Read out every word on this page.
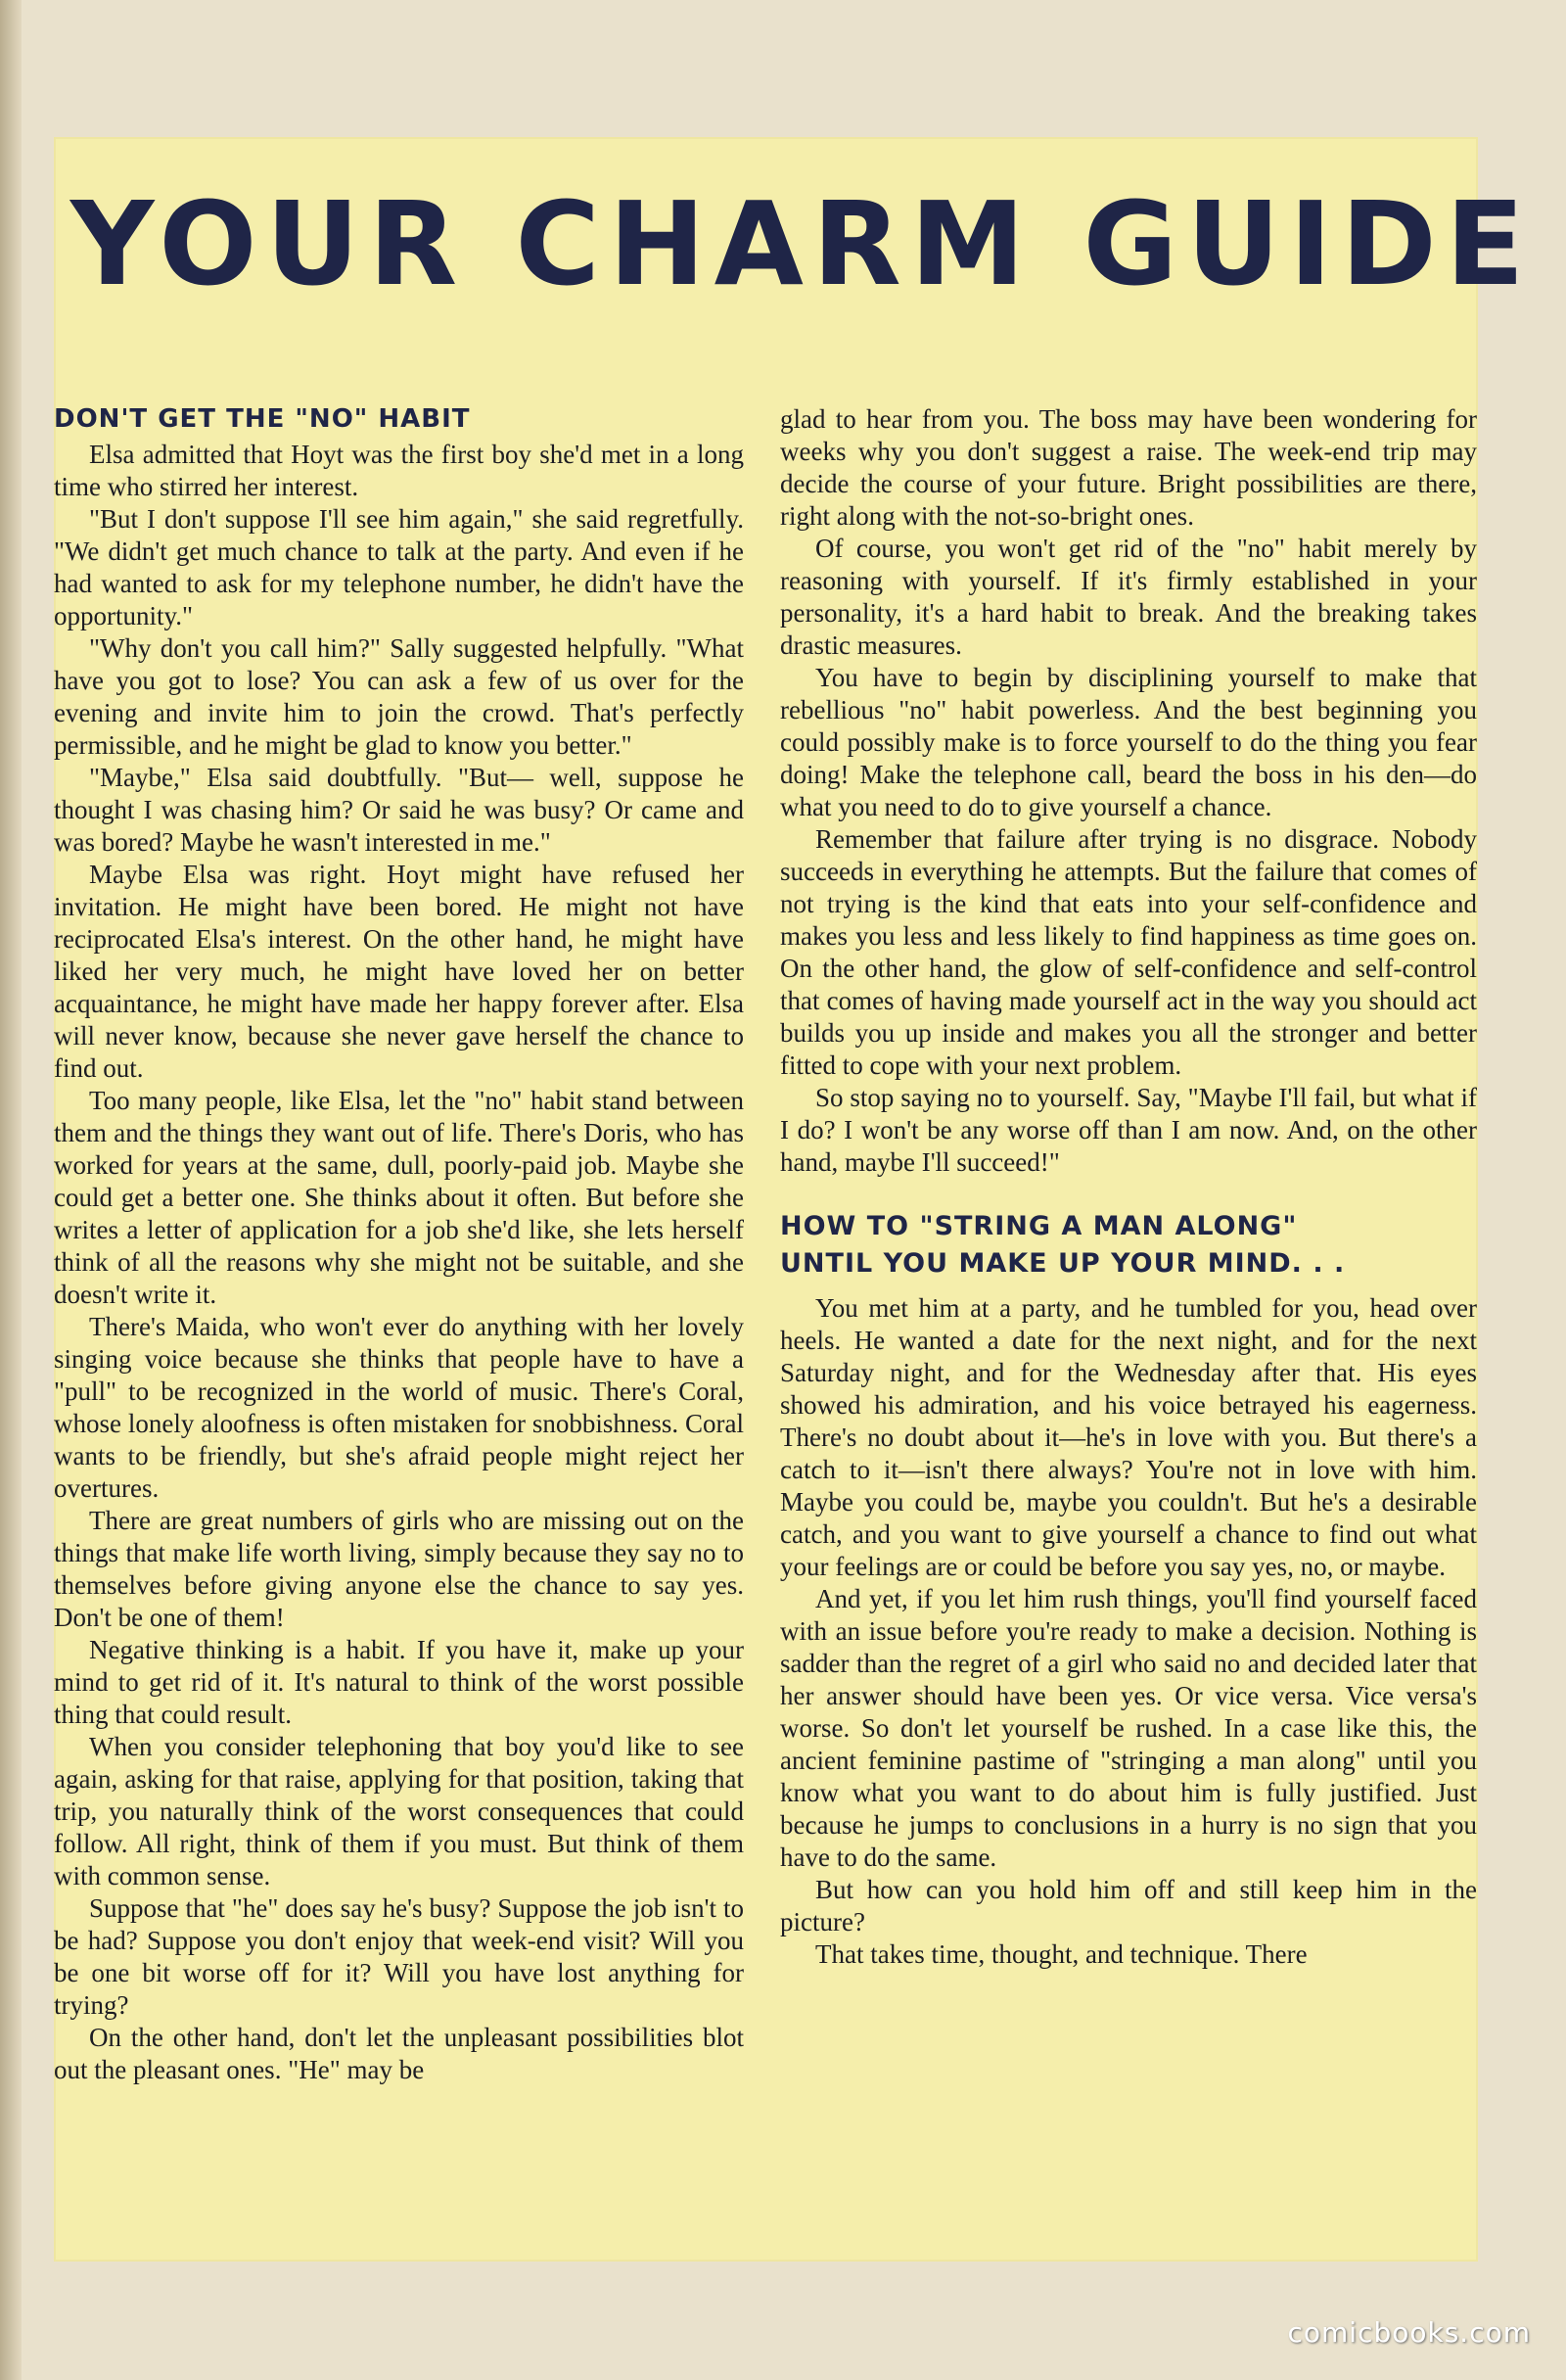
YOUR CHARM GUIDE
DON'T GET THE "NO" HABIT

Elsa admitted that Hoyt was the first boy she'd met in a long time who stirred her interest.

"But I don't suppose I'll see him again," she said regretfully. "We didn't get much chance to talk at the party. And even if he had wanted to ask for my telephone number, he didn't have the opportunity."

"Why don't you call him?" Sally suggested helpfully. "What have you got to lose? You can ask a few of us over for the evening and invite him to join the crowd. That's perfectly permissible, and he might be glad to know you better."

"Maybe," Elsa said doubtfully. "But— well, suppose he thought I was chasing him? Or said he was busy? Or came and was bored? Maybe he wasn't interested in me."

Maybe Elsa was right. Hoyt might have refused her invitation. He might have been bored. He might not have reciprocated Elsa's interest. On the other hand, he might have liked her very much, he might have loved her on better acquaintance, he might have made her happy forever after. Elsa will never know, because she never gave herself the chance to find out.

Too many people, like Elsa, let the "no" habit stand between them and the things they want out of life. There's Doris, who has worked for years at the same, dull, poorly-paid job. Maybe she could get a better one. She thinks about it often. But before she writes a letter of application for a job she'd like, she lets herself think of all the reasons why she might not be suitable, and she doesn't write it.

There's Maida, who won't ever do anything with her lovely singing voice because she thinks that people have to have a "pull" to be recognized in the world of music. There's Coral, whose lonely aloofness is often mistaken for snobbishness. Coral wants to be friendly, but she's afraid people might reject her overtures.

There are great numbers of girls who are missing out on the things that make life worth living, simply because they say no to themselves before giving anyone else the chance to say yes. Don't be one of them!

Negative thinking is a habit. If you have it, make up your mind to get rid of it. It's natural to think of the worst possible thing that could result.

When you consider telephoning that boy you'd like to see again, asking for that raise, applying for that position, taking that trip, you naturally think of the worst consequences that could follow. All right, think of them if you must. But think of them with common sense.

Suppose that "he" does say he's busy? Suppose the job isn't to be had? Suppose you don't enjoy that week-end visit? Will you be one bit worse off for it? Will you have lost anything for trying?

On the other hand, don't let the unpleasant possibilities blot out the pleasant ones. "He" may be

glad to hear from you. The boss may have been wondering for weeks why you don't suggest a raise. The week-end trip may decide the course of your future. Bright possibilities are there, right along with the not-so-bright ones.

Of course, you won't get rid of the "no" habit merely by reasoning with yourself. If it's firmly established in your personality, it's a hard habit to break. And the breaking takes drastic measures.

You have to begin by disciplining yourself to make that rebellious "no" habit powerless. And the best beginning you could possibly make is to force yourself to do the thing you fear doing! Make the telephone call, beard the boss in his den—do what you need to do to give yourself a chance.

Remember that failure after trying is no disgrace. Nobody succeeds in everything he attempts. But the failure that comes of not trying is the kind that eats into your self-confidence and makes you less and less likely to find happiness as time goes on. On the other hand, the glow of self-confidence and self-control that comes of having made yourself act in the way you should act builds you up inside and makes you all the stronger and better fitted to cope with your next problem.

So stop saying no to yourself. Say, "Maybe I'll fail, but what if I do? I won't be any worse off than I am now. And, on the other hand, maybe I'll succeed!"

HOW TO "STRING A MAN ALONG"
UNTIL YOU MAKE UP YOUR MIND. . .

You met him at a party, and he tumbled for you, head over heels. He wanted a date for the next night, and for the next Saturday night, and for the Wednesday after that. His eyes showed his admiration, and his voice betrayed his eagerness. There's no doubt about it—he's in love with you. But there's a catch to it—isn't there always? You're not in love with him. Maybe you could be, maybe you couldn't. But he's a desirable catch, and you want to give yourself a chance to find out what your feelings are or could be before you say yes, no, or maybe.

And yet, if you let him rush things, you'll find yourself faced with an issue before you're ready to make a decision. Nothing is sadder than the regret of a girl who said no and decided later that her answer should have been yes. Or vice versa. Vice versa's worse. So don't let yourself be rushed. In a case like this, the ancient feminine pastime of "stringing a man along" until you know what you want to do about him is fully justified. Just because he jumps to conclusions in a hurry is no sign that you have to do the same.

But how can you hold him off and still keep him in the picture?

That takes time, thought, and technique. There

comicbooks.com
